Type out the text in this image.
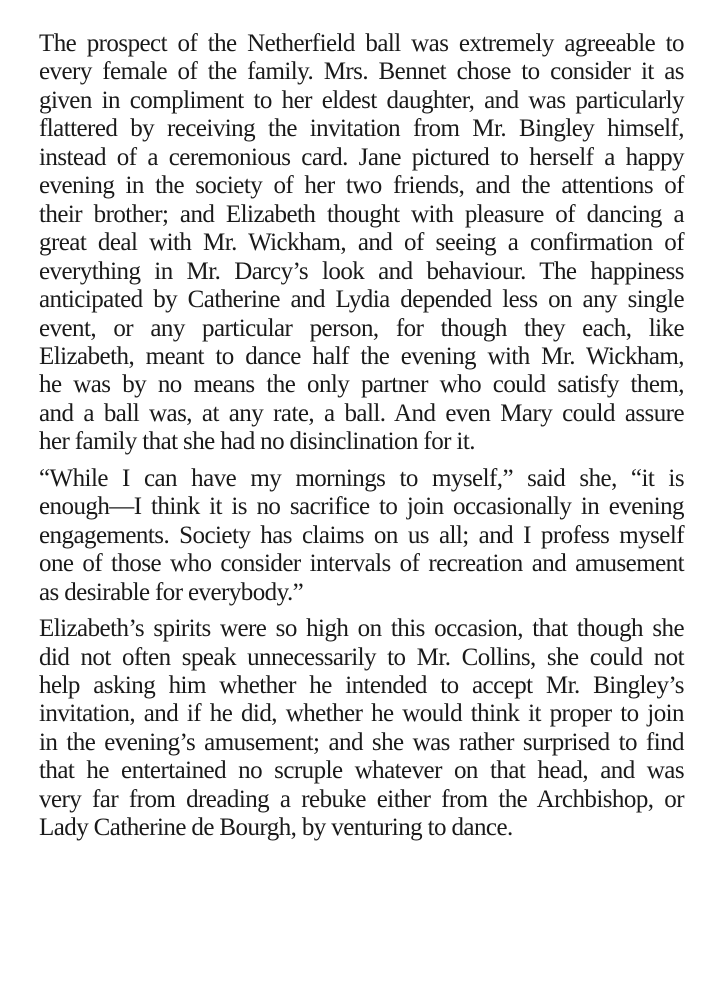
The prospect of the Netherfield ball was extremely agreeable to
every female of the family. Mrs. Bennet chose to consider it as
given in compliment to her eldest daughter, and was particularly
flattered by receiving the invitation from Mr. Bingley himself,
instead of a ceremonious card. Jane pictured to herself a happy
evening in the society of her two friends, and the attentions of
their brother; and Elizabeth thought with pleasure of dancing a
great deal with Mr. Wickham, and of seeing a confirmation of
everything in Mr. Darcy’s look and behaviour. The happiness
anticipated by Catherine and Lydia depended less on any single
event, or any particular person, for though they each, like
Elizabeth, meant to dance half the evening with Mr. Wickham,
he was by no means the only partner who could satisfy them,
and a ball was, at any rate, a ball. And even Mary could assure
her family that she had no disinclination for it.

“While I can have my mornings to myself,” said she, “it is
enough—I think it is no sacrifice to join occasionally in evening
engagements. Society has claims on us all; and I profess myself
one of those who consider intervals of recreation and amusement
as desirable for everybody.”

Elizabeth’s spirits were so high on this occasion, that though she
did not often speak unnecessarily to Mr. Collins, she could not
help asking him whether he intended to accept Mr. Bingley’s
invitation, and if he did, whether he would think it proper to join
in the evening’s amusement; and she was rather surprised to find
that he entertained no scruple whatever on that head, and was
very far from dreading a rebuke either from the Archbishop, or
Lady Catherine de Bourgh, by venturing to dance.
